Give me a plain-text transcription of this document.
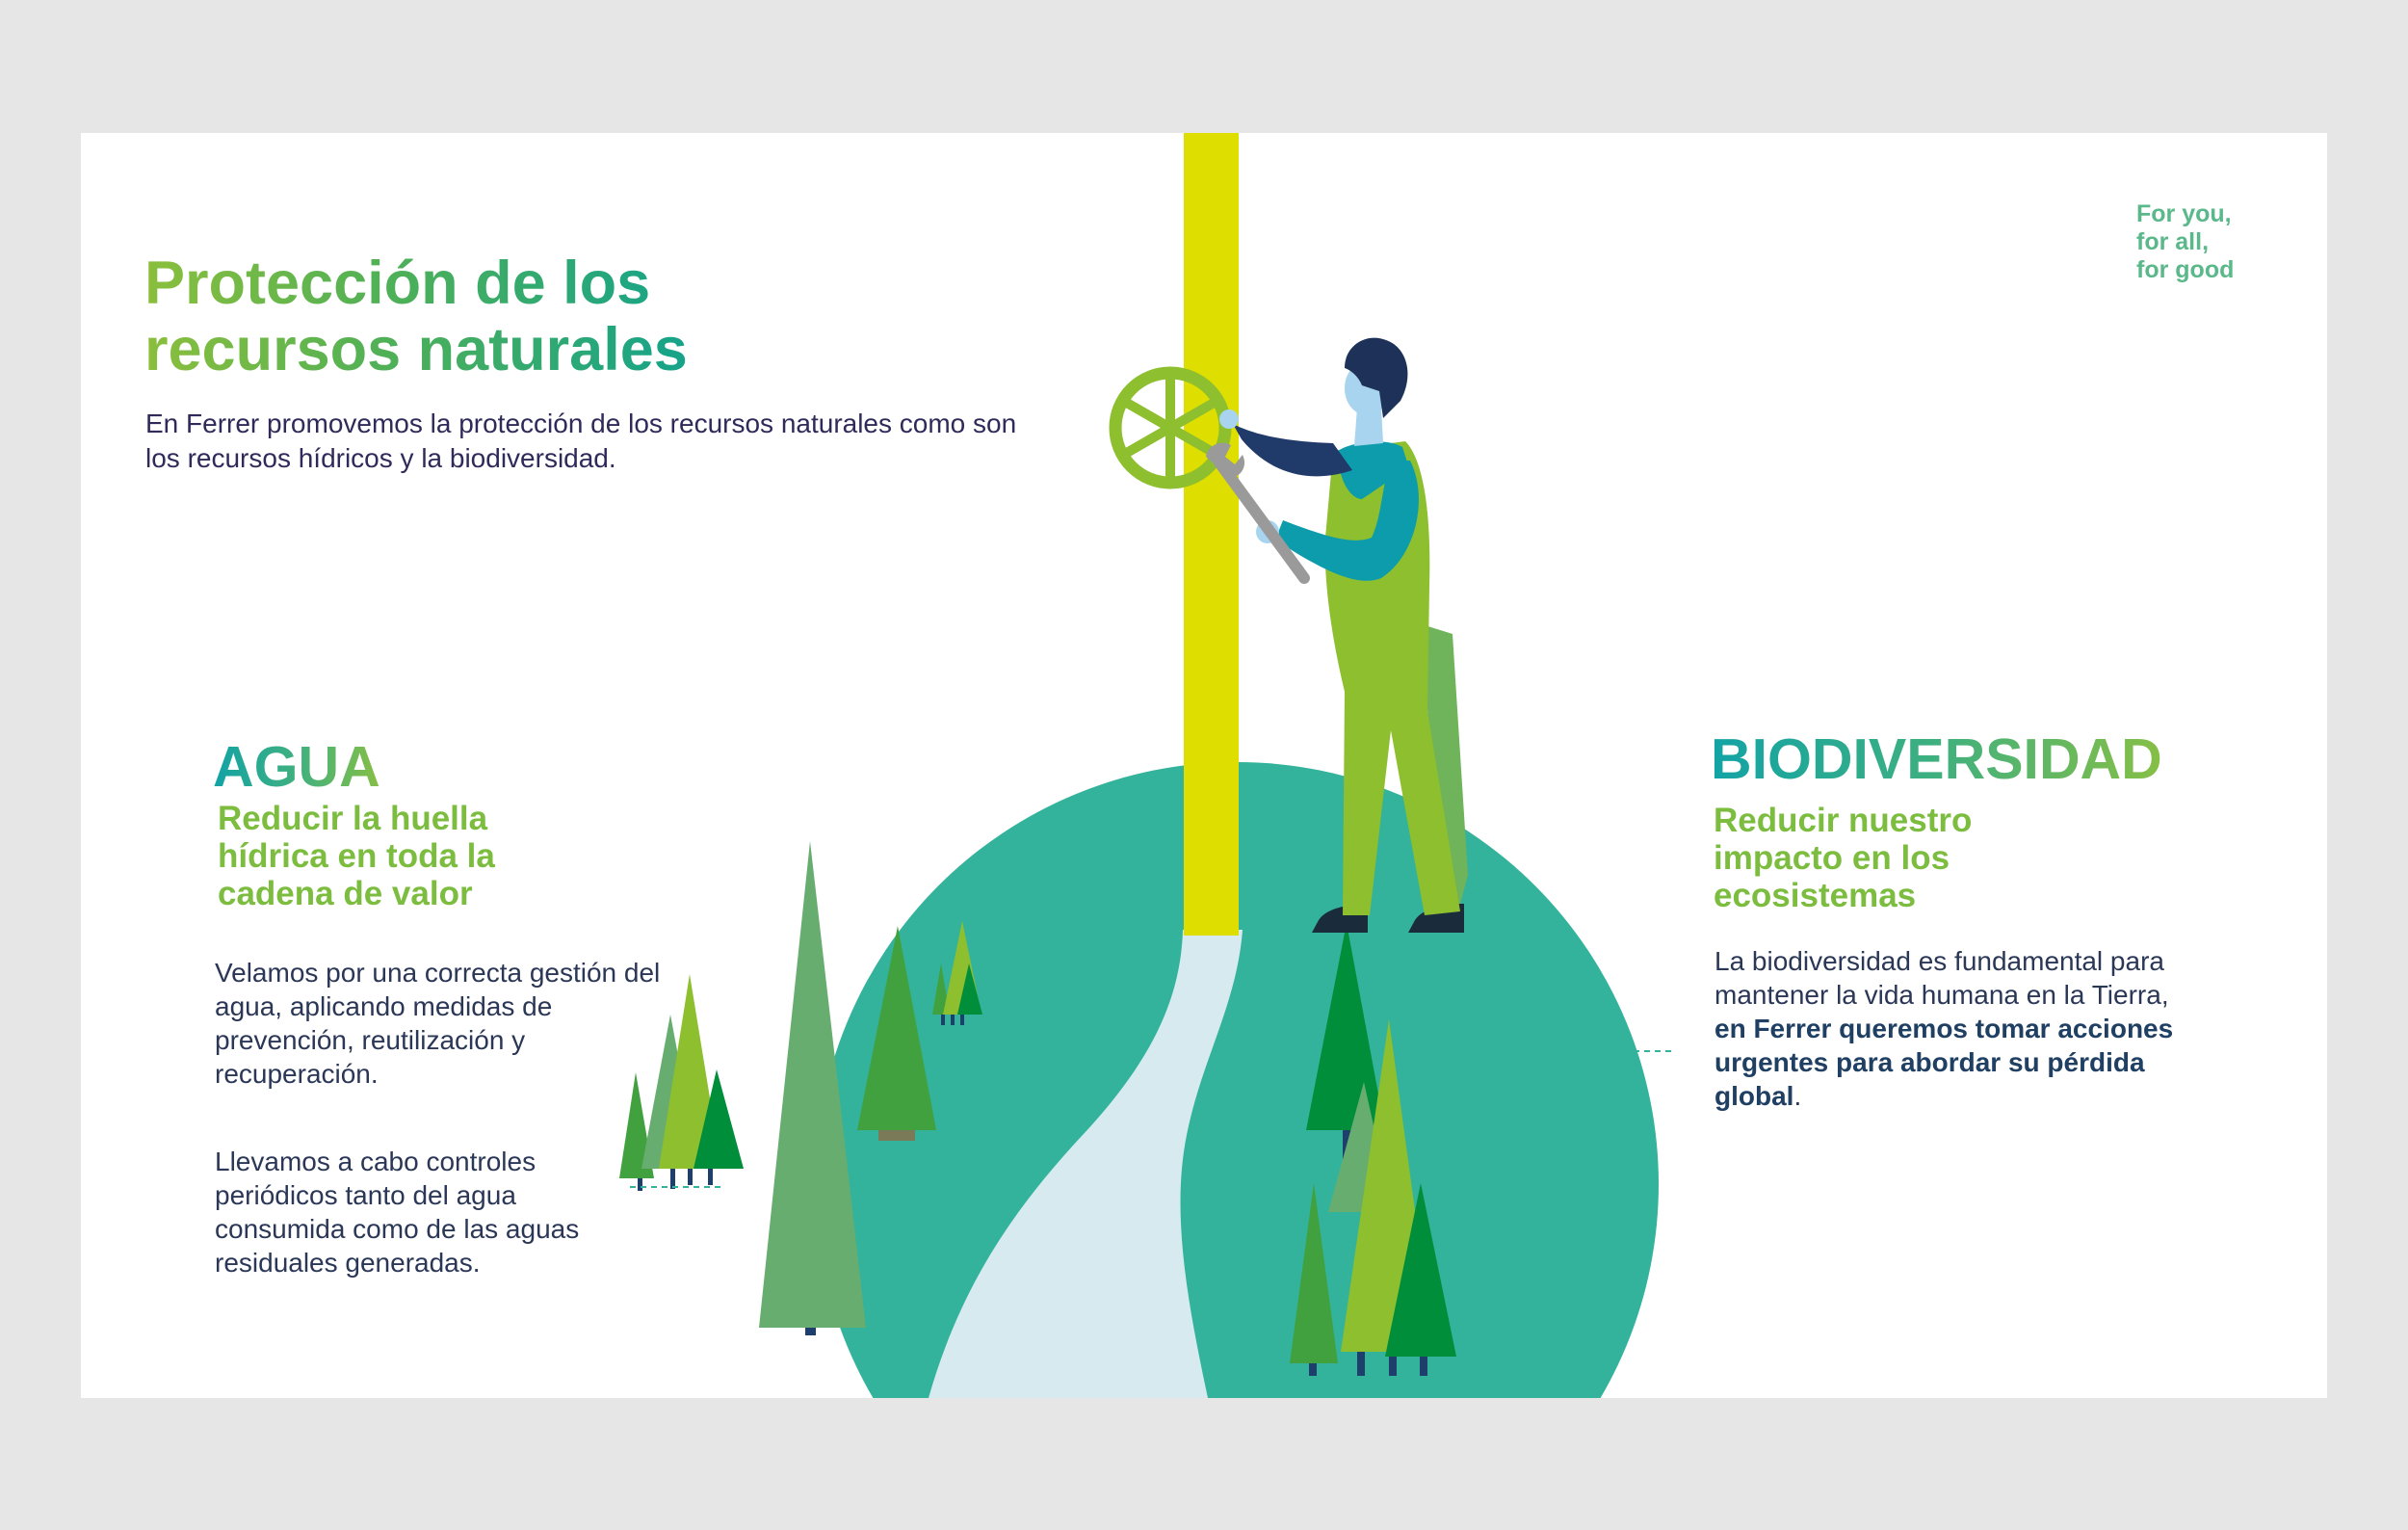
For you,
for all,
for good
Protección de los
recursos naturales

En Ferrer promovemos la protección de los recursos naturales como son los recursos hídricos y la biodiversidad.

AGUA
Reducir la huella
hídrica en toda la
cadena de valor

Velamos por una correcta gestión del agua, aplicando medidas de prevención, reutilización y recuperación.

Llevamos a cabo controles periódicos tanto del agua consumida como de las aguas residuales generadas.

BIODIVERSIDAD
Reducir nuestro
impacto en los
ecosistemas

La biodiversidad es fundamental para mantener la vida humana en la Tierra, en Ferrer queremos tomar acciones urgentes para abordar su pérdida global.
